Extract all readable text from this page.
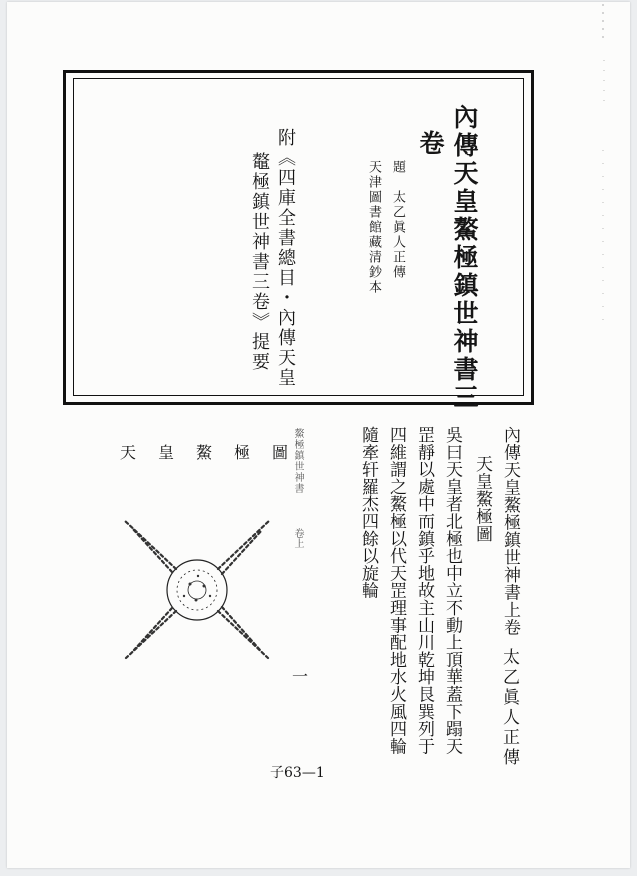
內傳天皇鰲極鎮世神書三
卷
題　太乙眞人正傳
天津圖書館藏清鈔本
附《四庫全書總目・內傳天皇
鼇極鎮世神書三卷》提要
內傳天皇鰲極鎮世神書上卷
太乙眞人正傳
天皇鰲極圖
吳曰天皇者北極也中立不動上頂華蓋下蹋天
罡靜以處中而鎮乎地故主山川乾坤艮巽列于
四維謂之鰲極以代天罡理事配地水火風四輪
隨牽轩羅杰四餘以旋輪
鰲極鎮世神書
卷上
一
天皇鰲極圖
子63—1
